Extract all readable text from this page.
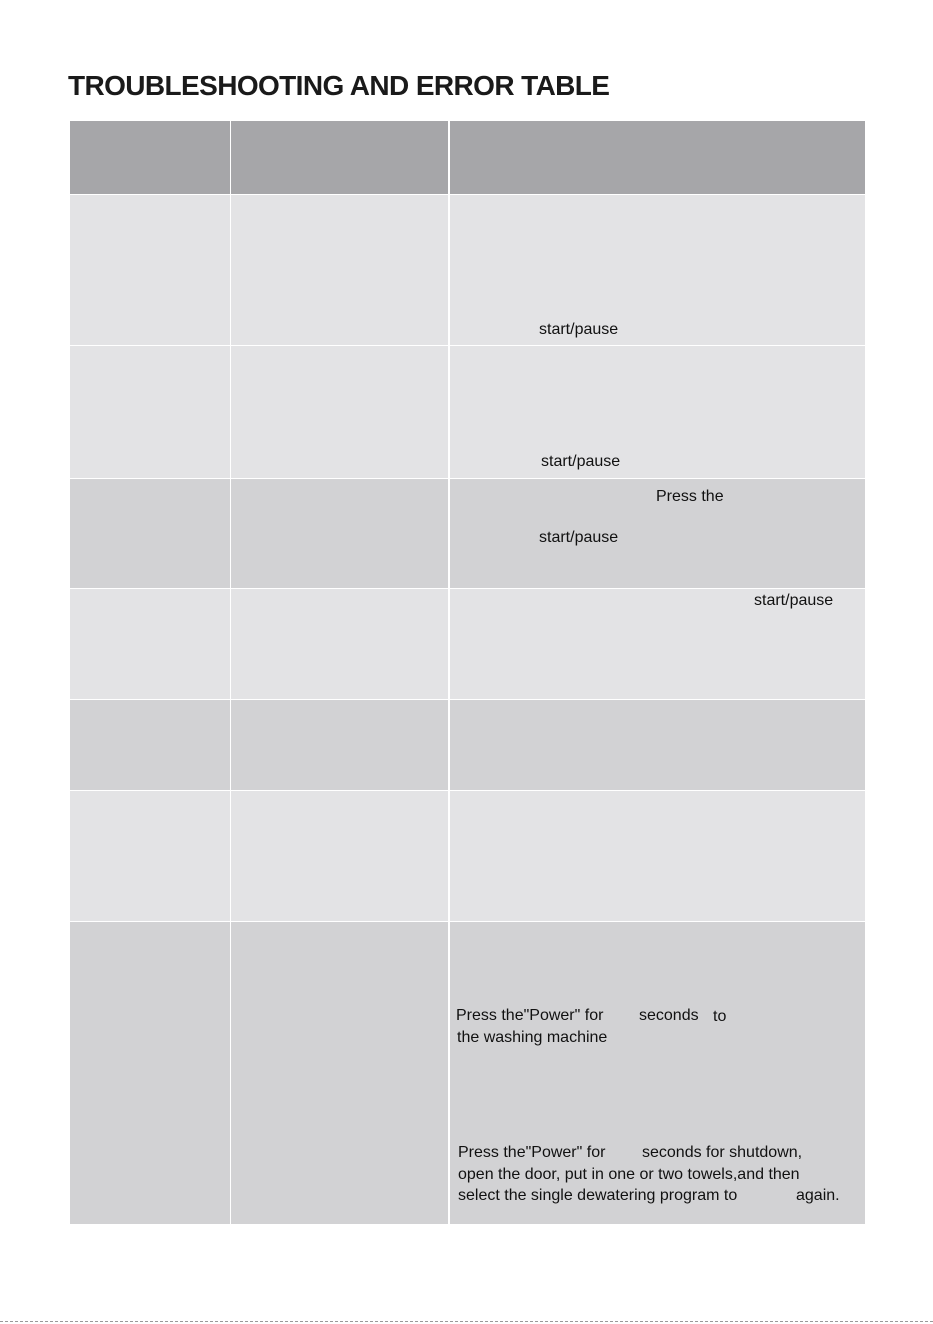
TROUBLESHOOTING AND ERROR TABLE
start/pause
start/pause
Press the
start/pause
start/pause
Press the"Power" for seconds to
the washing machine
Press the"Power" for seconds for shutdown,
open the door, put in one or two towels,and then
select the single dewatering program to	again.
